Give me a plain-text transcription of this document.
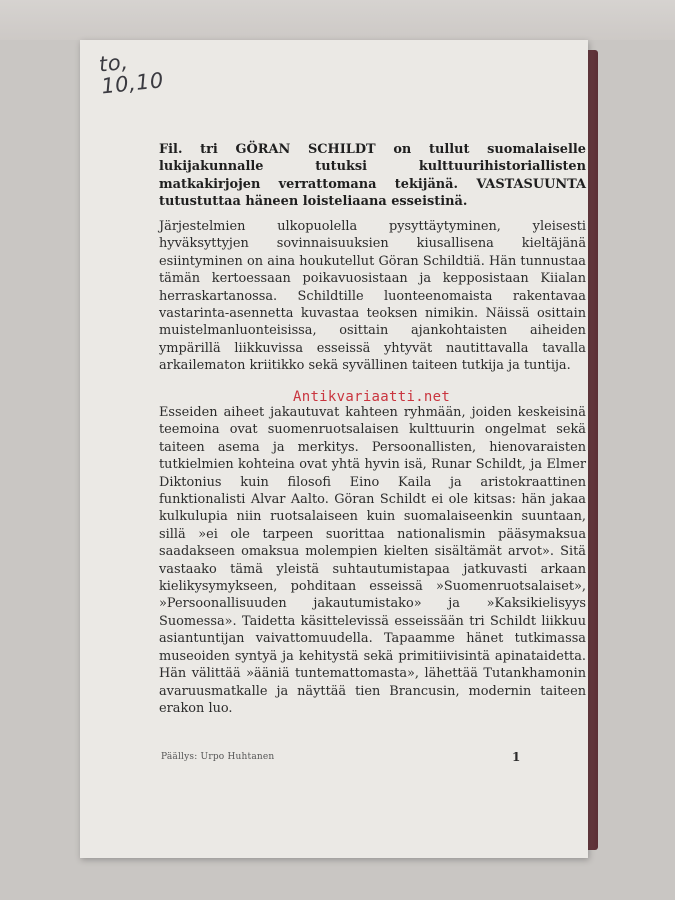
to,
10,10

Fil. tri GÖRAN SCHILDT on tullut suomalaiselle lukijakunnalle tutuksi kulttuurihistoriallisten matkakirjojen verrattomana tekijänä. VASTASUUNTA tutustuttaa häneen loisteliaana esseistinä.

Järjestelmien ulkopuolella pysyttäytyminen, yleisesti hyväksyttyjen sovinnaisuuksien kiusallisena kieltäjänä esiintyminen on aina houkutellut Göran Schildtiä. Hän tunnustaa tämän kertoessaan poikavuosistaan ja kepposistaan Kiialan herraskartanossa. Schildtille luonteenomaista rakentavaa vastarinta-asennetta kuvastaa teoksen nimikin. Näissä osittain muistelmanluonteisissa, osittain ajankohtaisten aiheiden ympärillä liikkuvissa esseissä yhtyvät nautittavalla tavalla arkailematon kriitikko sekä syvällinen taiteen tutkija ja tuntija.

Esseiden aiheet jakautuvat kahteen ryhmään, joiden keskeisinä teemoina ovat suomenruotsalaisen kulttuurin ongelmat sekä taiteen asema ja merkitys. Persoonallisten, hienovaraisten tutkielmien kohteina ovat yhtä hyvin isä, Runar Schildt, ja Elmer Diktonius kuin filosofi Eino Kaila ja aristokraattinen funktionalisti Alvar Aalto. Göran Schildt ei ole kitsas: hän jakaa kulkulupia niin ruotsalaiseen kuin suomalaiseenkin suuntaan, sillä »ei ole tarpeen suorittaa nationalismin pääsymaksua saadakseen omaksua molempien kielten sisältämät arvot». Sitä vastaako tämä yleistä suhtautumistapaa jatkuvasti arkaan kielikysymykseen, pohditaan esseissä »Suomenruotsalaiset», »Persoonallisuuden jakautumistako» ja »Kaksikielisyys Suomessa». Taidetta käsittelevissä esseissään tri Schildt liikkuu asiantuntijan vaivattomuudella. Tapaamme hänet tutkimassa museoiden syntyä ja kehitystä sekä primitiivisintä apinataidetta. Hän välittää »ääniä tuntemattomasta», lähettää Tutankhamonin avaruusmatkalle ja näyttää tien Brancusin, modernin taiteen erakon luo.

Antikvariaatti.net
Päällys: Urpo Huhtanen	1
